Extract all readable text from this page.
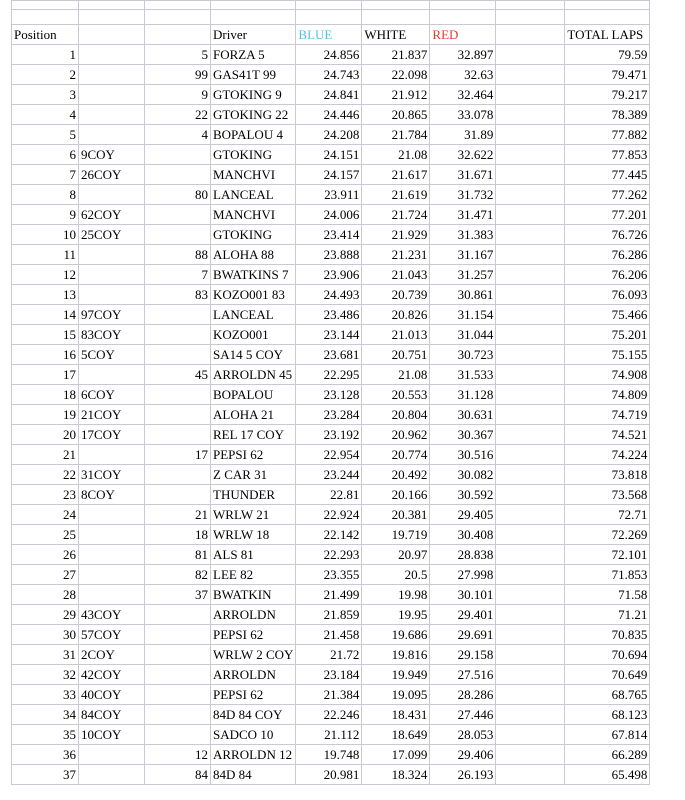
Position			Driver	BLUE	WHITE	RED		TOTAL LAPS
1		5	FORZA 5	24.856	21.837	32.897		79.59
2		99	GAS41T 99	24.743	22.098	32.63		79.471
3		9	GTOKING 9	24.841	21.912	32.464		79.217
4		22	GTOKING 22	24.446	20.865	33.078		78.389
5		4	BOPALOU 4	24.208	21.784	31.89		77.882
6	9COY		GTOKING	24.151	21.08	32.622		77.853
7	26COY		MANCHVI	24.157	21.617	31.671		77.445
8		80	LANCEAL	23.911	21.619	31.732		77.262
9	62COY		MANCHVI	24.006	21.724	31.471		77.201
10	25COY		GTOKING	23.414	21.929	31.383		76.726
11		88	ALOHA 88	23.888	21.231	31.167		76.286
12		7	BWATKINS 7	23.906	21.043	31.257		76.206
13		83	KOZO001 83	24.493	20.739	30.861		76.093
14	97COY		LANCEAL	23.486	20.826	31.154		75.466
15	83COY		KOZO001	23.144	21.013	31.044		75.201
16	5COY		SA14 5 COY	23.681	20.751	30.723		75.155
17		45	ARROLDN 45	22.295	21.08	31.533		74.908
18	6COY		BOPALOU	23.128	20.553	31.128		74.809
19	21COY		ALOHA 21	23.284	20.804	30.631		74.719
20	17COY		REL 17 COY	23.192	20.962	30.367		74.521
21		17	PEPSI 62	22.954	20.774	30.516		74.224
22	31COY		Z CAR 31	23.244	20.492	30.082		73.818
23	8COY		THUNDER	22.81	20.166	30.592		73.568
24		21	WRLW 21	22.924	20.381	29.405		72.71
25		18	WRLW 18	22.142	19.719	30.408		72.269
26		81	ALS 81	22.293	20.97	28.838		72.101
27		82	LEE 82	23.355	20.5	27.998		71.853
28		37	BWATKIN	21.499	19.98	30.101		71.58
29	43COY		ARROLDN	21.859	19.95	29.401		71.21
30	57COY		PEPSI 62	21.458	19.686	29.691		70.835
31	2COY		WRLW 2 COY	21.72	19.816	29.158		70.694
32	42COY		ARROLDN	23.184	19.949	27.516		70.649
33	40COY		PEPSI 62	21.384	19.095	28.286		68.765
34	84COY		84D 84 COY	22.246	18.431	27.446		68.123
35	10COY		SADCO 10	21.112	18.649	28.053		67.814
36		12	ARROLDN 12	19.748	17.099	29.406		66.289
37		84	84D 84	20.981	18.324	26.193		65.498
